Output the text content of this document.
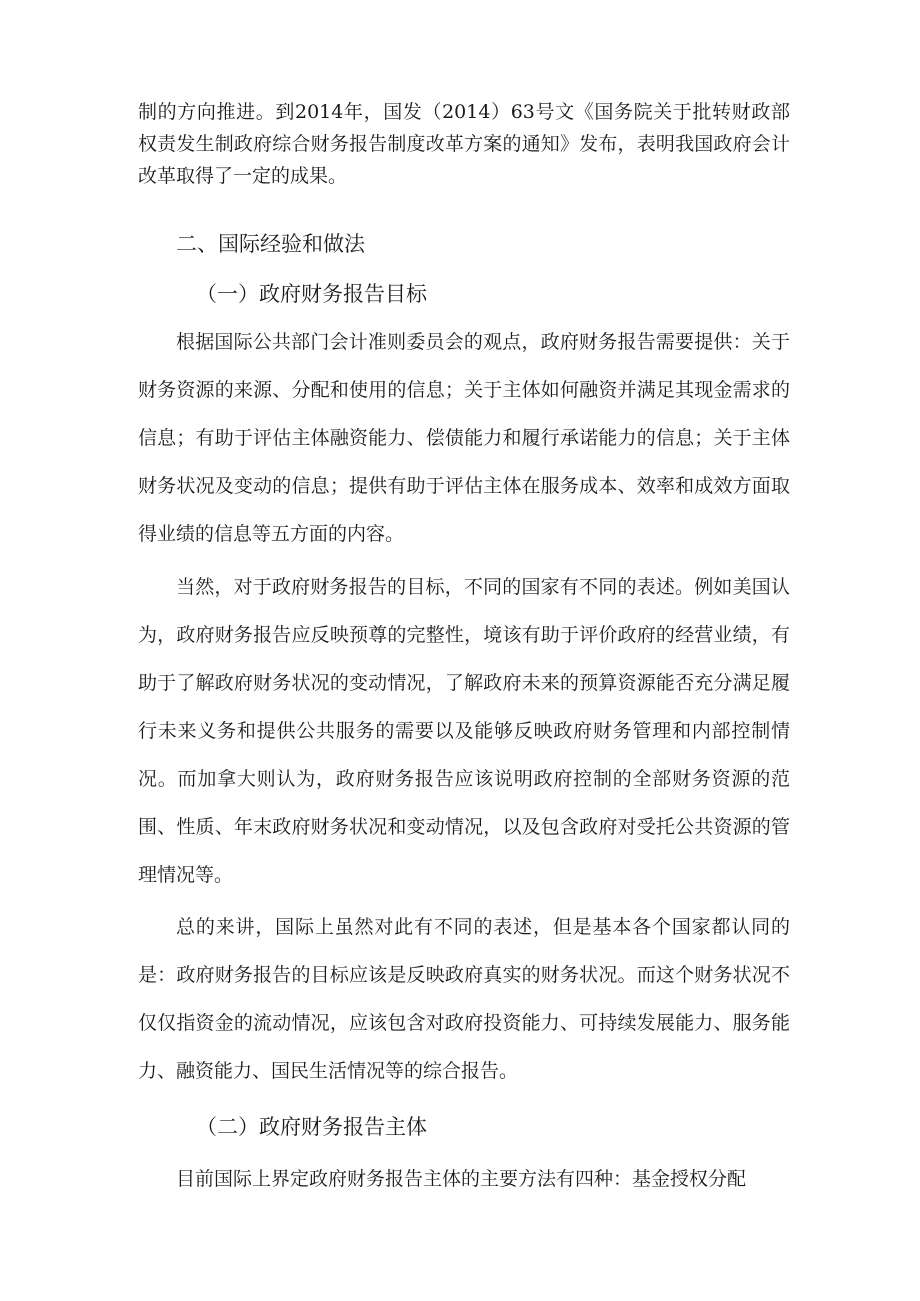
制的方向推进。到2014年，国发（2014）63号文《国务院关于批转财政部权责发生制政府综合财务报告制度改革方案的通知》发布，表明我国政府会计改革取得了一定的成果。

二、国际经验和做法
（一）政府财务报告目标

根据国际公共部门会计准则委员会的观点，政府财务报告需要提供：关于财务资源的来源、分配和使用的信息；关于主体如何融资并满足其现金需求的信息；有助于评估主体融资能力、偿债能力和履行承诺能力的信息；关于主体财务状况及变动的信息；提供有助于评估主体在服务成本、效率和成效方面取得业绩的信息等五方面的内容。

当然，对于政府财务报告的目标，不同的国家有不同的表述。例如美国认为，政府财务报告应反映预尊的完整性，境该有助于评价政府的经营业绩，有助于了解政府财务状况的变动情况，了解政府未来的预算资源能否充分满足履行未来义务和提供公共服务的需要以及能够反映政府财务管理和内部控制情况。而加拿大则认为，政府财务报告应该说明政府控制的全部财务资源的范围、性质、年末政府财务状况和变动情况，以及包含政府对受托公共资源的管理情况等。

总的来讲，国际上虽然对此有不同的表述，但是基本各个国家都认同的是：政府财务报告的目标应该是反映政府真实的财务状况。而这个财务状况不仅仅指资金的流动情况，应该包含对政府投资能力、可持续发展能力、服务能力、融资能力、国民生活情况等的综合报告。

（二）政府财务报告主体

目前国际上界定政府财务报告主体的主要方法有四种：基金授权分配
